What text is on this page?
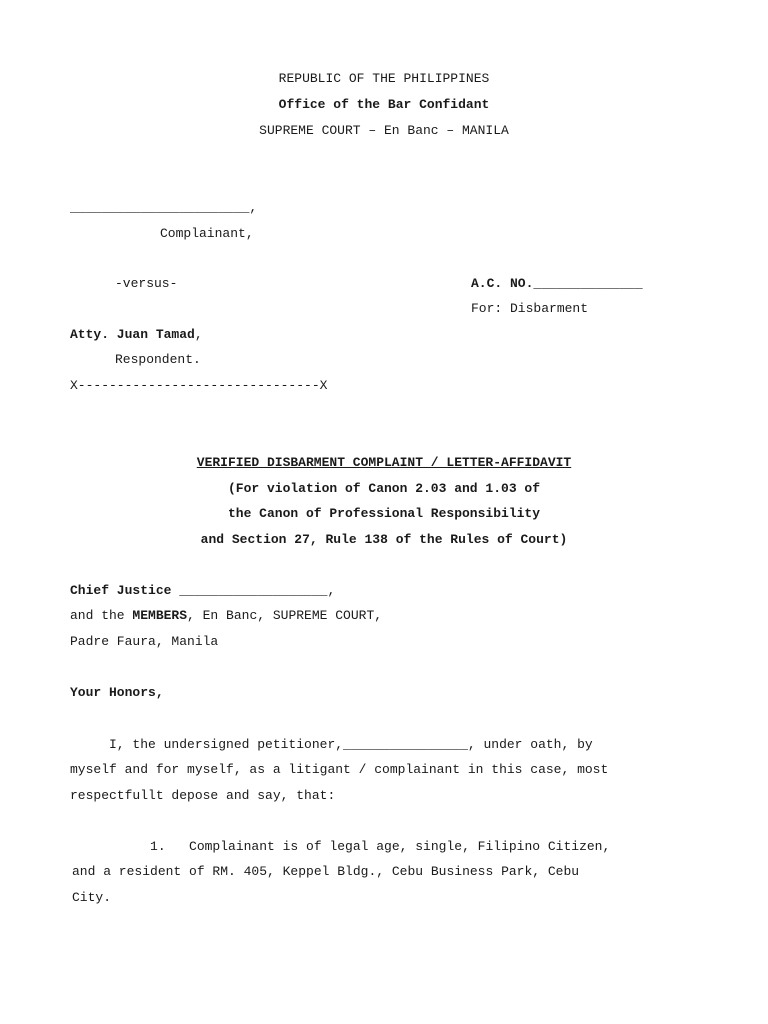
REPUBLIC OF THE PHILIPPINES
Office of the Bar Confidant
SUPREME COURT – En Banc – MANILA
_______________________,
Complainant,
-versus-	A.C. NO.______________
For: Disbarment
Atty. Juan Tamad,
Respondent.
X-------------------------------X
VERIFIED DISBARMENT COMPLAINT / LETTER-AFFIDAVIT
(For violation of Canon 2.03 and 1.03 of
the Canon of Professional Responsibility
and Section 27, Rule 138 of the Rules of Court)
Chief Justice ___________________,
and the MEMBERS, En Banc, SUPREME COURT,
Padre Faura, Manila
Your Honors,
I, the undersigned petitioner,________________, under oath, by
myself and for myself, as a litigant / complainant in this case, most
respectfullt depose and say, that:
1.   Complainant is of legal age, single, Filipino Citizen,
and a resident of RM. 405, Keppel Bldg., Cebu Business Park, Cebu
City.
